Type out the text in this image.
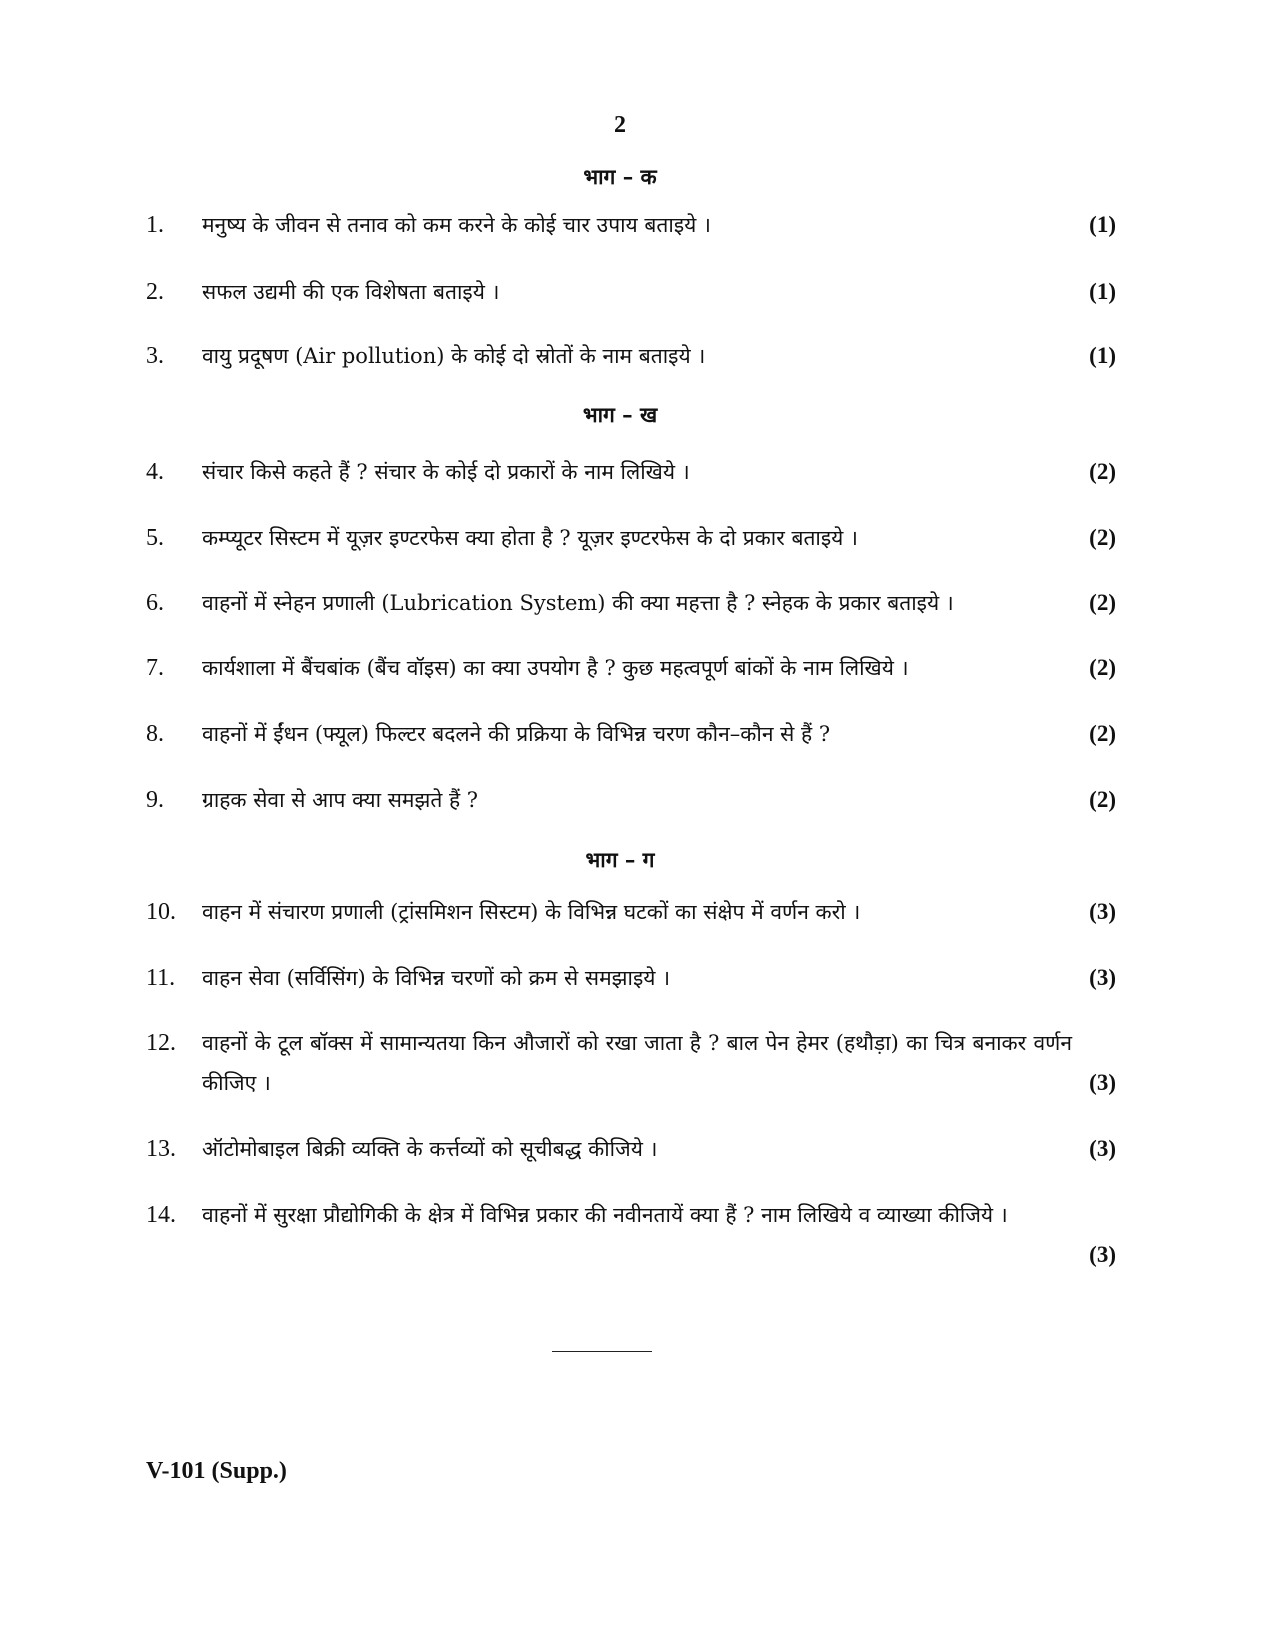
2
भाग – क
1. मनुष्य के जीवन से तनाव को कम करने के कोई चार उपाय बताइये ।	(1)
2. सफल उद्यमी की एक विशेषता बताइये ।	(1)
3. वायु प्रदूषण (Air pollution) के कोई दो स्रोतों के नाम बताइये ।	(1)
भाग – ख
4. संचार किसे कहते हैं ? संचार के कोई दो प्रकारों के नाम लिखिये ।	(2)
5. कम्प्यूटर सिस्टम में यूज़र इण्टरफेस क्या होता है ? यूज़र इण्टरफेस के दो प्रकार बताइये ।	(2)
6. वाहनों में स्नेहन प्रणाली (Lubrication System) की क्या महत्ता है ? स्नेहक के प्रकार बताइये ।	(2)
7. कार्यशाला में बैंचबांक (बैंच वॉइस) का क्या उपयोग है ? कुछ महत्वपूर्ण बांकों के नाम लिखिये ।	(2)
8. वाहनों में ईंधन (फ्यूल) फिल्टर बदलने की प्रक्रिया के विभिन्न चरण कौन–कौन से हैं ?	(2)
9. ग्राहक सेवा से आप क्या समझते हैं ?	(2)
भाग – ग
10. वाहन में संचारण प्रणाली (ट्रांसमिशन सिस्टम) के विभिन्न घटकों का संक्षेप में वर्णन करो ।	(3)
11. वाहन सेवा (सर्विसिंग) के विभिन्न चरणों को क्रम से समझाइये ।	(3)
12. वाहनों के टूल बॉक्स में सामान्यतया किन औजारों को रखा जाता है ? बाल पेन हेमर (हथौड़ा) का चित्र बनाकर वर्णन कीजिए ।	(3)
13. ऑटोमोबाइल बिक्री व्यक्ति के कर्त्तव्यों को सूचीबद्ध कीजिये ।	(3)
14. वाहनों में सुरक्षा प्रौद्योगिकी के क्षेत्र में विभिन्न प्रकार की नवीनतायें क्या हैं ? नाम लिखिये व व्याख्या कीजिये ।
(3)
V-101 (Supp.)
